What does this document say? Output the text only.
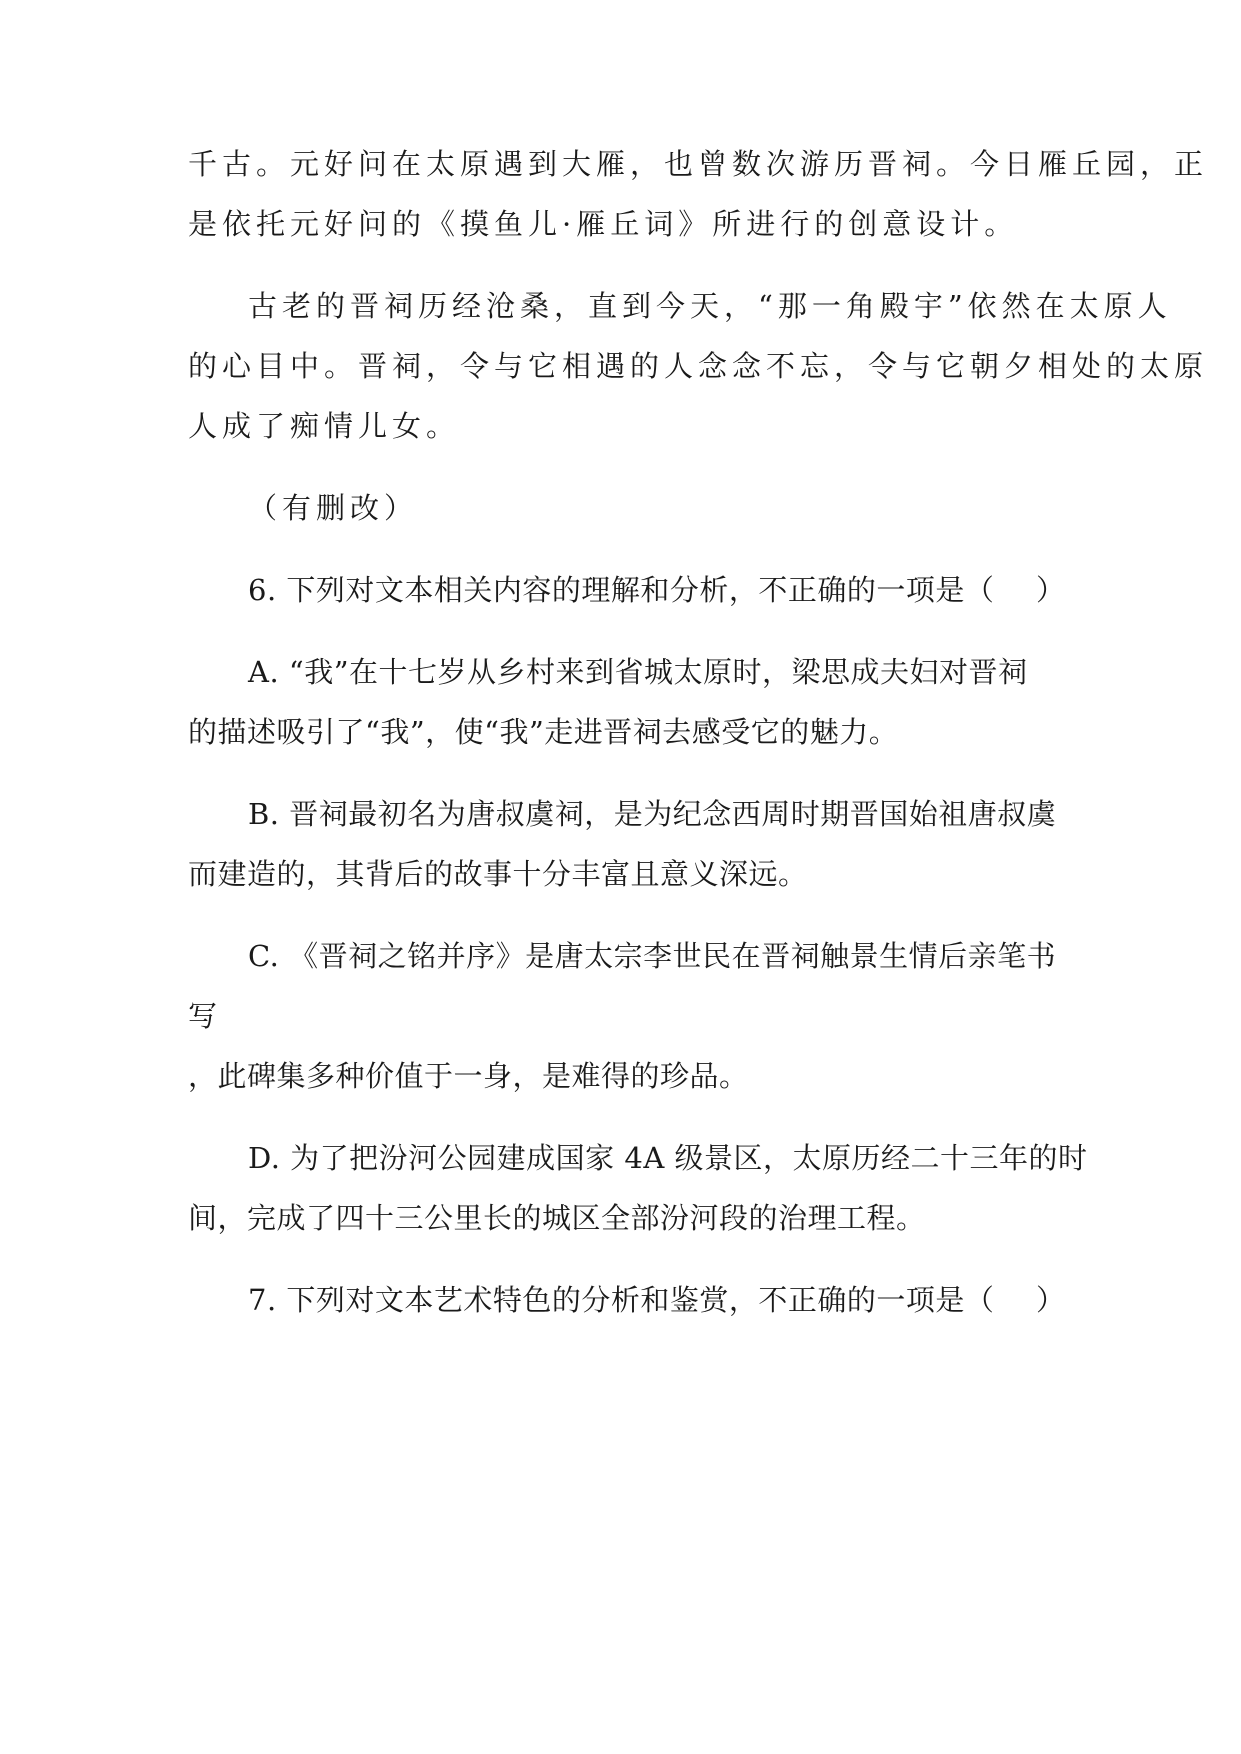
千古。元好问在太原遇到大雁，也曾数次游历晋祠。今日雁丘园，正
是依托元好问的《摸鱼儿·雁丘词》所进行的创意设计。
古老的晋祠历经沧桑，直到今天，“那一角殿宇”依然在太原人
的心目中。晋祠，令与它相遇的人念念不忘，令与它朝夕相处的太原
人成了痴情儿女。
（有删改）
6. 下列对文本相关内容的理解和分析，不正确的一项是（	）
A. “我”在十七岁从乡村来到省城太原时，梁思成夫妇对晋祠
的描述吸引了“我”，使“我”走进晋祠去感受它的魅力。
B. 晋祠最初名为唐叔虞祠，是为纪念西周时期晋国始祖唐叔虞
而建造的，其背后的故事十分丰富且意义深远。
C. 《晋祠之铭并序》是唐太宗李世民在晋祠触景生情后亲笔书
写
，此碑集多种价值于一身，是难得的珍品。
D. 为了把汾河公园建成国家 4A 级景区，太原历经二十三年的时
间，完成了四十三公里长的城区全部汾河段的治理工程。
7. 下列对文本艺术特色的分析和鉴赏，不正确的一项是（	）
